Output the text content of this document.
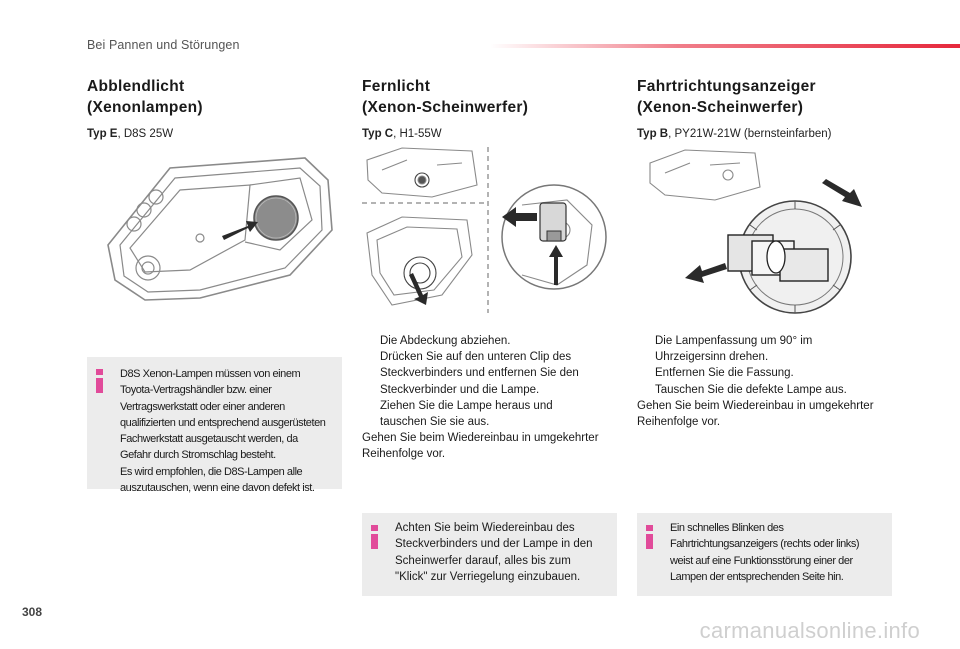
Bei Pannen und Störungen
Abblendlicht
(Xenonlampen)
Typ E, D8S 25W
Fernlicht
(Xenon-Scheinwerfer)
Typ C, H1-55W
Fahrtrichtungsanzeiger
(Xenon-Scheinwerfer)
Typ B, PY21W-21W (bernsteinfarben)
D8S Xenon-Lampen müssen von einem
Toyota-Vertragshändler bzw. einer
Vertragswerkstatt oder einer anderen
qualifizierten und entsprechend ausgerüsteten
Fachwerkstatt ausgetauscht werden, da
Gefahr durch Stromschlag besteht.
Es wird empfohlen, die D8S-Lampen alle
auszutauschen, wenn eine davon defekt ist.
Die Abdeckung abziehen.
Drücken Sie auf den unteren Clip des
Steckverbinders und entfernen Sie den
Steckverbinder und die Lampe.
Ziehen Sie die Lampe heraus und
tauschen Sie sie aus.
Gehen Sie beim Wiedereinbau in umgekehrter
Reihenfolge vor.
Die Lampenfassung um 90° im
Uhrzeigersinn drehen.
Entfernen Sie die Fassung.
Tauschen Sie die defekte Lampe aus.
Gehen Sie beim Wiedereinbau in umgekehrter
Reihenfolge vor.
Achten Sie beim Wiedereinbau des
Steckverbinders und der Lampe in den
Scheinwerfer darauf, alles bis zum
"Klick" zur Verriegelung einzubauen.
Ein schnelles Blinken des
Fahrtrichtungsanzeigers (rechts oder links)
weist auf eine Funktionsstörung einer der
Lampen der entsprechenden Seite hin.
308
carmanualsonline.info
